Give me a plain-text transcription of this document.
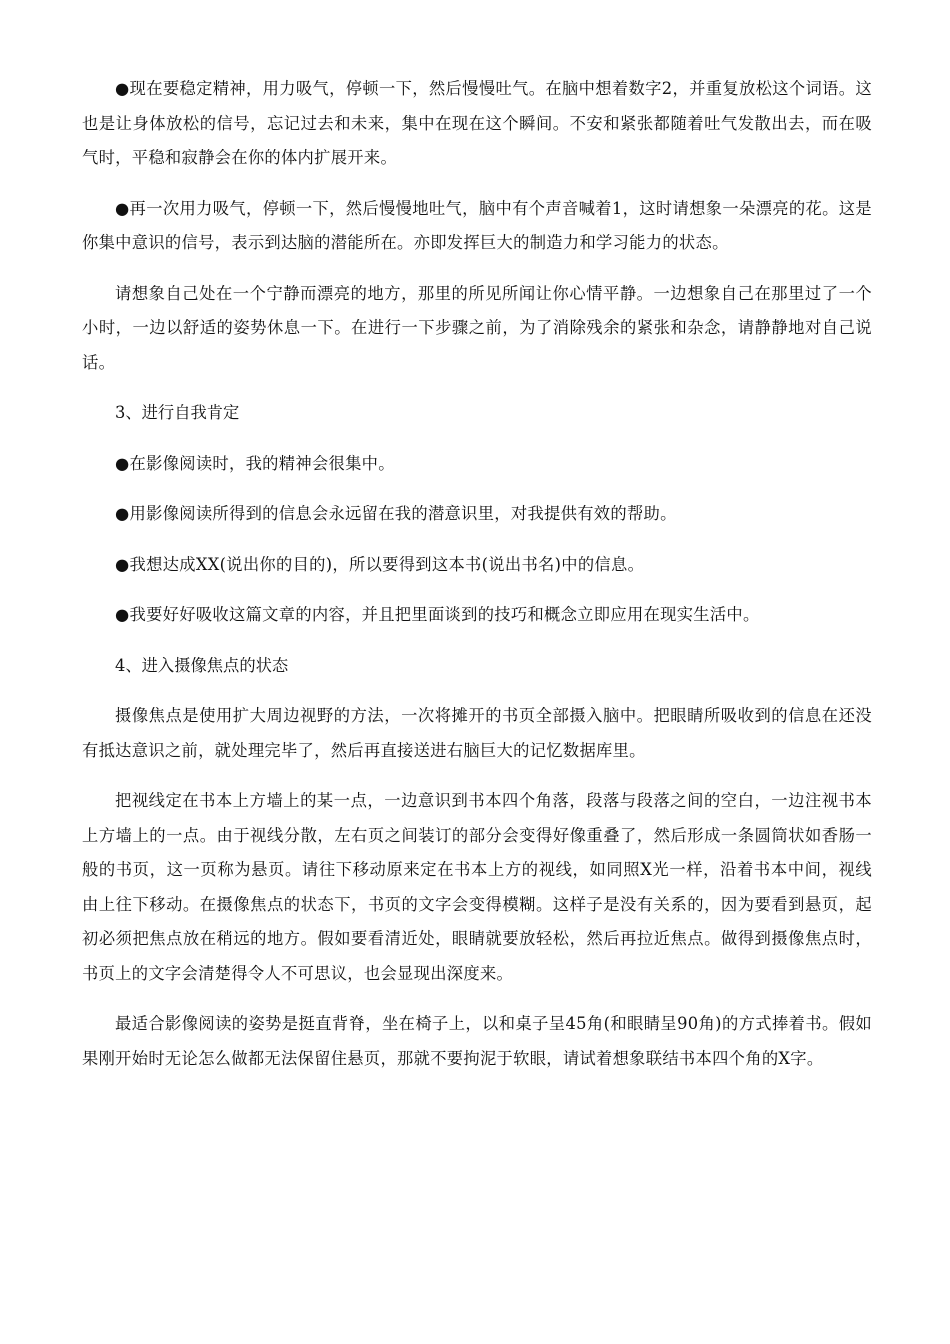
●现在要稳定精神，用力吸气，停顿一下，然后慢慢吐气。在脑中想着数字2，并重复放松这个词语。这也是让身体放松的信号，忘记过去和未来，集中在现在这个瞬间。不安和紧张都随着吐气发散出去，而在吸气时，平稳和寂静会在你的体内扩展开来。

●再一次用力吸气，停顿一下，然后慢慢地吐气，脑中有个声音喊着1，这时请想象一朵漂亮的花。这是你集中意识的信号，表示到达脑的潜能所在。亦即发挥巨大的制造力和学习能力的状态。

请想象自己处在一个宁静而漂亮的地方，那里的所见所闻让你心情平静。一边想象自己在那里过了一个小时，一边以舒适的姿势休息一下。在进行一下步骤之前，为了消除残余的紧张和杂念，请静静地对自己说话。

3、进行自我肯定

●在影像阅读时，我的精神会很集中。

●用影像阅读所得到的信息会永远留在我的潜意识里，对我提供有效的帮助。

●我想达成XX(说出你的目的)，所以要得到这本书(说出书名)中的信息。

●我要好好吸收这篇文章的内容，并且把里面谈到的技巧和概念立即应用在现实生活中。

4、进入摄像焦点的状态

摄像焦点是使用扩大周边视野的方法，一次将摊开的书页全部摄入脑中。把眼睛所吸收到的信息在还没有抵达意识之前，就处理完毕了，然后再直接送进右脑巨大的记忆数据库里。

把视线定在书本上方墙上的某一点，一边意识到书本四个角落，段落与段落之间的空白，一边注视书本上方墙上的一点。由于视线分散，左右页之间装订的部分会变得好像重叠了，然后形成一条圆筒状如香肠一般的书页，这一页称为悬页。请往下移动原来定在书本上方的视线，如同照X光一样，沿着书本中间，视线由上往下移动。在摄像焦点的状态下，书页的文字会变得模糊。这样子是没有关系的，因为要看到悬页，起初必须把焦点放在稍远的地方。假如要看清近处，眼睛就要放轻松，然后再拉近焦点。做得到摄像焦点时，书页上的文字会清楚得令人不可思议，也会显现出深度来。

最适合影像阅读的姿势是挺直背脊，坐在椅子上，以和桌子呈45角(和眼睛呈90角)的方式捧着书。假如果刚开始时无论怎么做都无法保留住悬页，那就不要拘泥于软眼，请试着想象联结书本四个角的X字。
